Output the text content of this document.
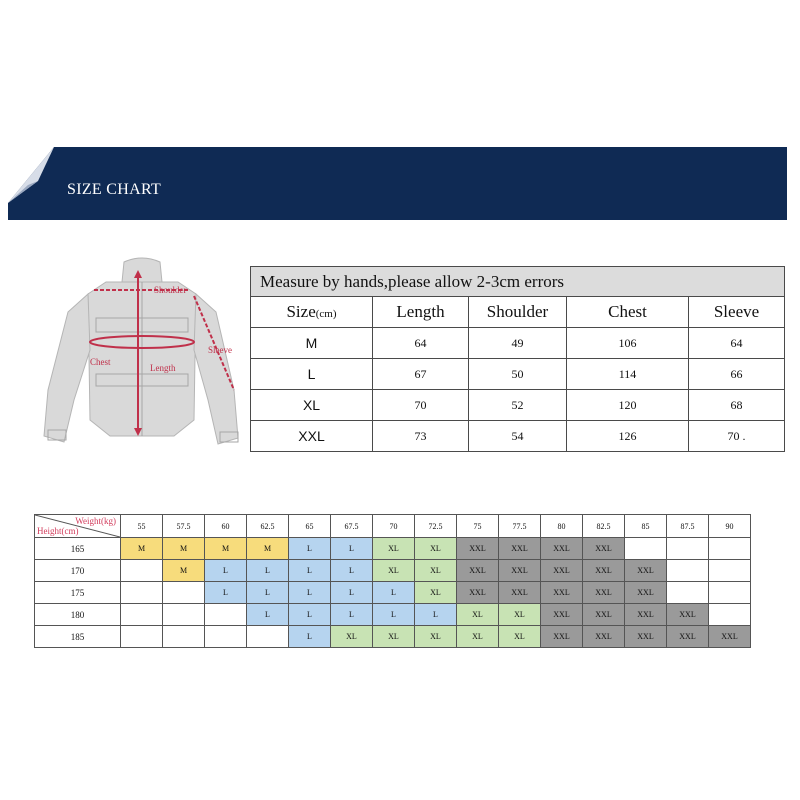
SIZE CHART
Shoulder
Sleeve
Chest
Length
Measure by hands,please allow 2-3cm errors				
Size(cm)	Length	Shoulder	Chest	Sleeve
M	64	49	106	64
L	67	50	114	66
XL	70	52	120	68
XXL	73	54	126	70 .
Weight(kg)
Height(cm)	55	57.5	60	62.5	65	67.5	70	72.5	75	77.5	80	82.5	85	87.5	90
165	M	M	M	M	L	L	XL	XL	XXL	XXL	XXL	XXL			
170		M	L	L	L	L	XL	XL	XXL	XXL	XXL	XXL	XXL		
175			L	L	L	L	L	XL	XXL	XXL	XXL	XXL	XXL		
180				L	L	L	L	L	XL	XL	XXL	XXL	XXL	XXL	
185					L	XL	XL	XL	XL	XL	XXL	XXL	XXL	XXL	XXL
